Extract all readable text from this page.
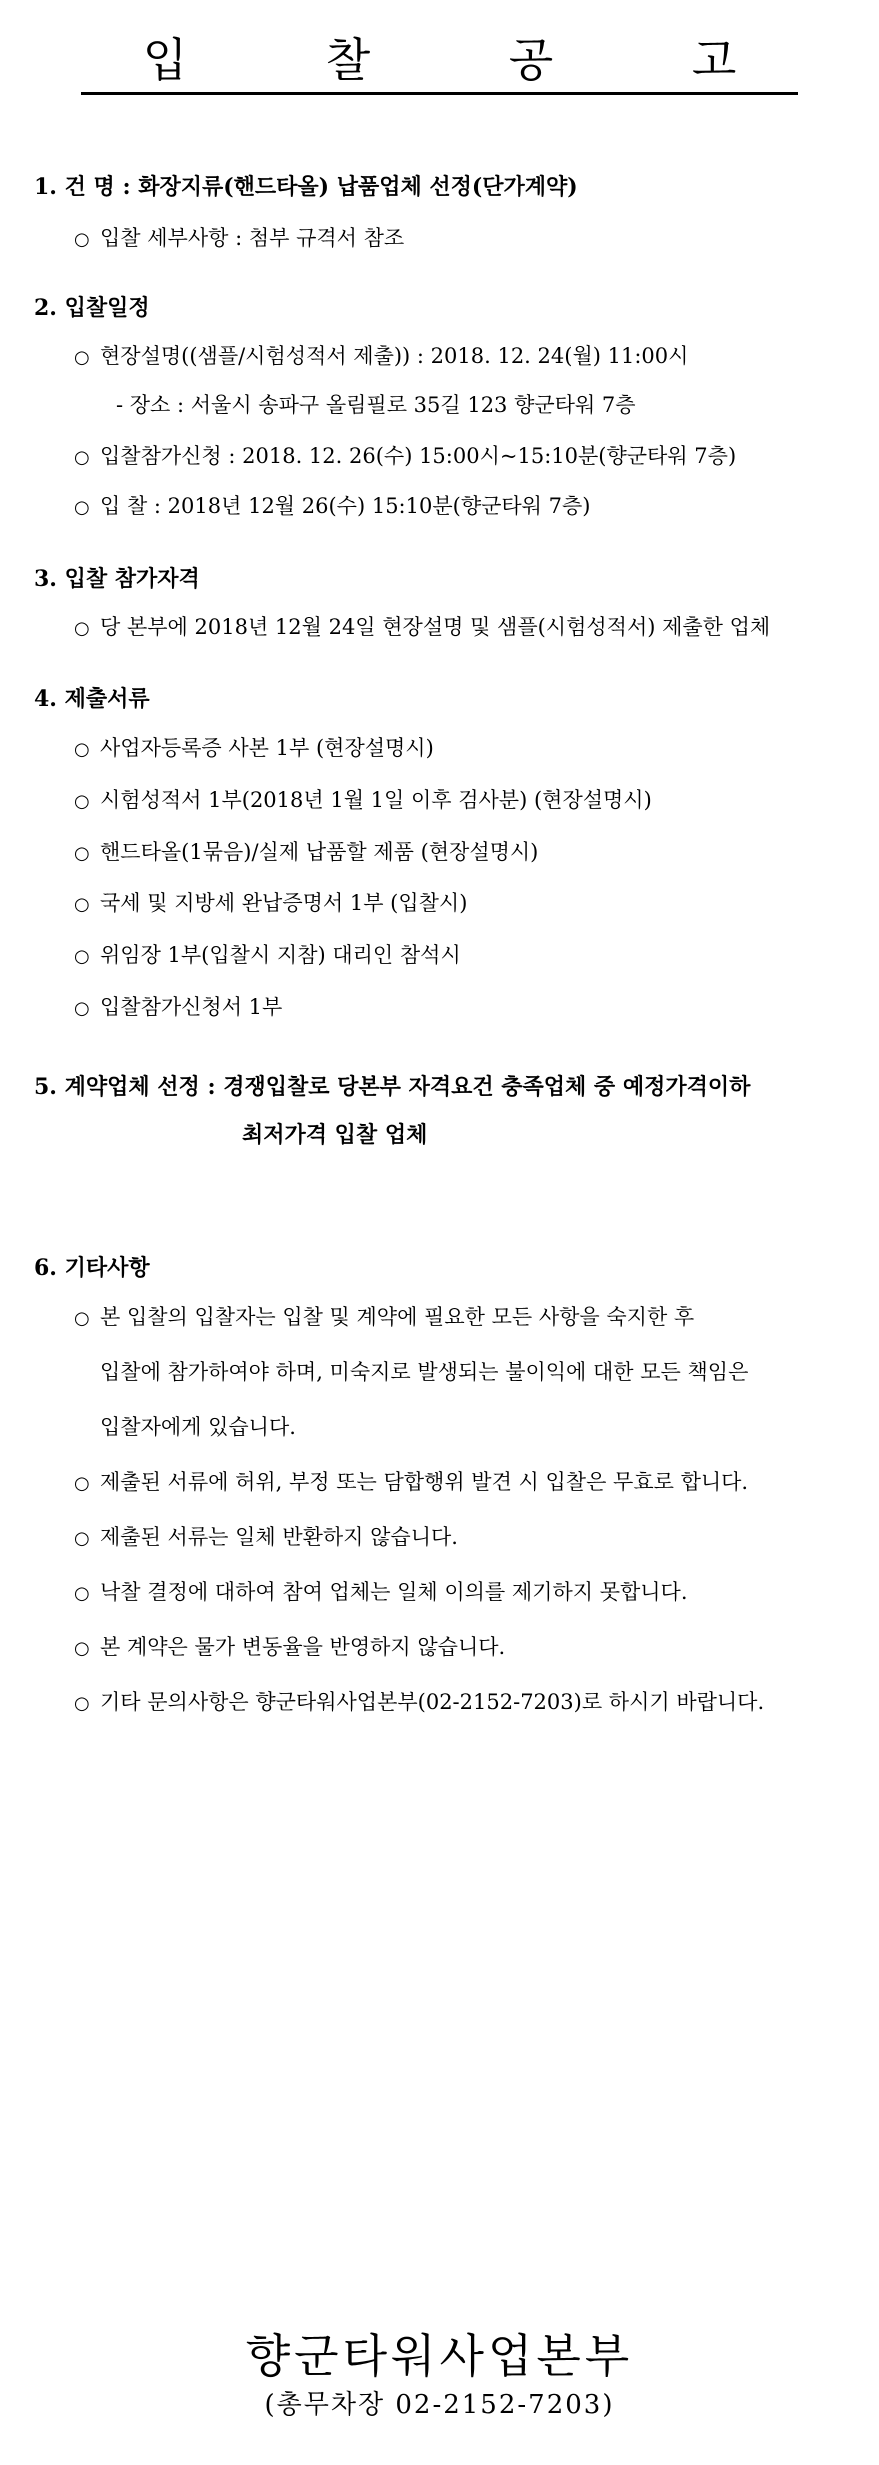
입 찰 공 고
1. 건 명 : 화장지류(핸드타올) 납품업체 선정(단가계약)
○ 입찰 세부사항 : 첨부 규격서 참조
2. 입찰일정
○ 현장설명((샘플/시험성적서 제출)) : 2018. 12. 24(월) 11:00시
- 장소 : 서울시 송파구 올림필로 35길 123 향군타워 7층
○ 입찰참가신청 : 2018. 12. 26(수) 15:00시~15:10분(향군타워 7층)
○ 입 찰 : 2018년 12월 26(수) 15:10분(향군타워 7층)
3. 입찰 참가자격
○ 당 본부에 2018년 12월 24일 현장설명 및 샘플(시험성적서) 제출한 업체
4. 제출서류
○ 사업자등록증 사본 1부 (현장설명시)
○ 시험성적서 1부(2018년 1월 1일 이후 검사분) (현장설명시)
○ 핸드타올(1묶음)/실제 납품할 제품 (현장설명시)
○ 국세 및 지방세 완납증명서 1부 (입찰시)
○ 위임장 1부(입찰시 지참) 대리인 참석시
○ 입찰참가신청서 1부
5. 계약업체 선정 : 경쟁입찰로 당본부 자격요건 충족업체 중 예정가격이하
최저가격 입찰 업체
6. 기타사항
○ 본 입찰의 입찰자는 입찰 및 계약에 필요한 모든 사항을 숙지한 후
입찰에 참가하여야 하며, 미숙지로 발생되는 불이익에 대한 모든 책임은
입찰자에게 있습니다.
○ 제출된 서류에 허위, 부정 또는 담합행위 발견 시 입찰은 무효로 합니다.
○ 제출된 서류는 일체 반환하지 않습니다.
○ 낙찰 결정에 대하여 참여 업체는 일체 이의를 제기하지 못합니다.
○ 본 계약은 물가 변동율을 반영하지 않습니다.
○ 기타 문의사항은 향군타워사업본부(02-2152-7203)로 하시기 바랍니다.
향군타워사업본부
(총무차장 02-2152-7203)
